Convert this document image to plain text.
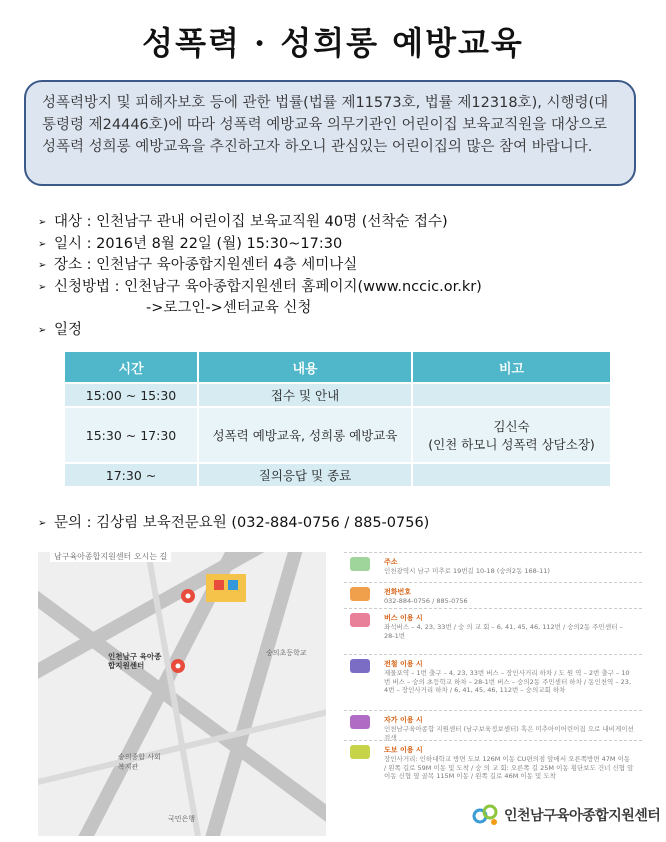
성폭력 · 성희롱 예방교육
성폭력방지 및 피해자보호 등에 관한 법률(법률 제11573호, 법률 제12318호), 시행령(대통령령 제24446호)에 따라 성폭력 예방교육 의무기관인 어린이집 보육교직원을 대상으로 성폭력 성희롱 예방교육을 추진하고자 하오니 관심있는 어린이집의 많은 참여 바랍니다.
➢ 대상 : 인천남구 관내 어린이집 보육교직원 40명 (선착순 접수)
➢ 일시 : 2016년 8월 22일 (월) 15:30~17:30
➢ 장소 : 인천남구 육아종합지원센터 4층 세미나실
➢ 신청방법 : 인천남구 육아종합지원센터 홈페이지(www.nccic.or.kr)
->로그인->센터교육 신청
➢ 일정
시간	내용	비고
15:00 ~ 15:30	접수 및 안내	
15:30 ~ 17:30	성폭력 예방교육, 성희롱 예방교육	김신숙
(인천 하모니 성폭력 상담소장)

17:30 ~	질의응답 및 종료	
➢ 문의 : 김상림 보육전문요원 (032-884-0756 / 885-0756)
남구육아종합지원센터 오시는 길
인천남구 육아종합지원센터
숭의초등학교
숭의종합 사회복지관
국민은행
주소
인천광역시 남구 미추로 19번길 10-18 (숭의2동 168-11)
전화번호
032-884-0756 / 885-0756
버스 이용 시
좌석버스 – 4, 23, 33번 / 숭 의 교 회 – 6, 41, 45, 46, 112번 / 숭의2동 주민센터 – 28-1번
전철 이용 시
제물포역 – 1번 출구 – 4, 23, 33번 버스 – 장인사거리 하차 / 도 원 역 – 2번 출구 – 10번 버스 – 숭의 초등학교 하차 – 28-1번 버스 – 숭의2동 주민센터 하차 / 동인천역 – 23, 4번 – 장인사거리 하차 / 6, 41, 45, 46, 112번 – 숭의교회 하차
자가 이용 시
인천남구육아종합 지원센터 (남구보육정보센터) 혹은 미추아이어린이집 으로 내비게이션 검색
도보 이용 시
장인사거리: 인하대학교 방면 도보 126M 이동 CU편의점 앞에서 오른쪽방면 47M 이동 / 왼쪽 길로 59M 이동 및 도착 / 숭 의 교 회: 오른쪽 길 25M 이동 횡단보도 건너 신협 앞 이동 신협 옆 골목 115M 이동 / 왼쪽 길로 46M 이동 및 도착
인천남구육아종합지원센터
